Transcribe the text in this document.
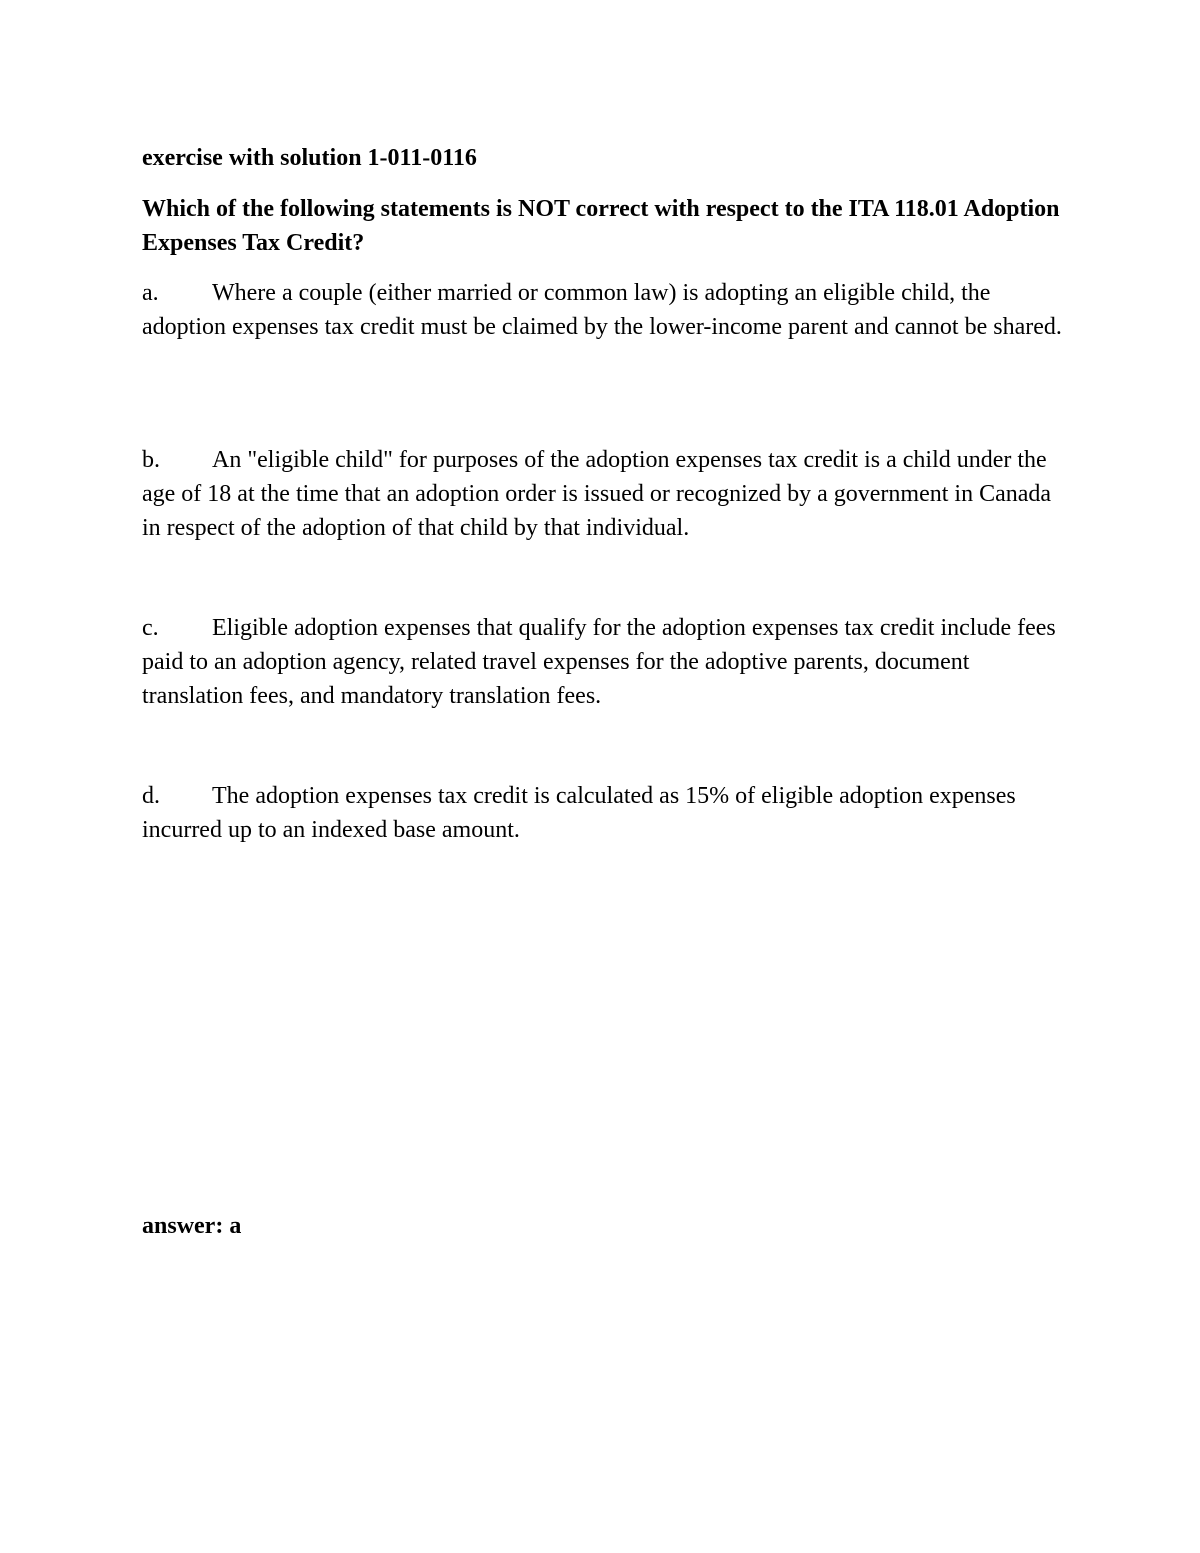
exercise with solution 1-011-0116
Which of the following statements is NOT correct with respect to the ITA 118.01 Adoption Expenses Tax Credit?
a. Where a couple (either married or common law) is adopting an eligible child, the adoption expenses tax credit must be claimed by the lower-income parent and cannot be shared.
b. An "eligible child" for purposes of the adoption expenses tax credit is a child under the age of 18 at the time that an adoption order is issued or recognized by a government in Canada in respect of the adoption of that child by that individual.
c. Eligible adoption expenses that qualify for the adoption expenses tax credit include fees paid to an adoption agency, related travel expenses for the adoptive parents, document translation fees, and mandatory translation fees.
d. The adoption expenses tax credit is calculated as 15% of eligible adoption expenses incurred up to an indexed base amount.
answer: a
